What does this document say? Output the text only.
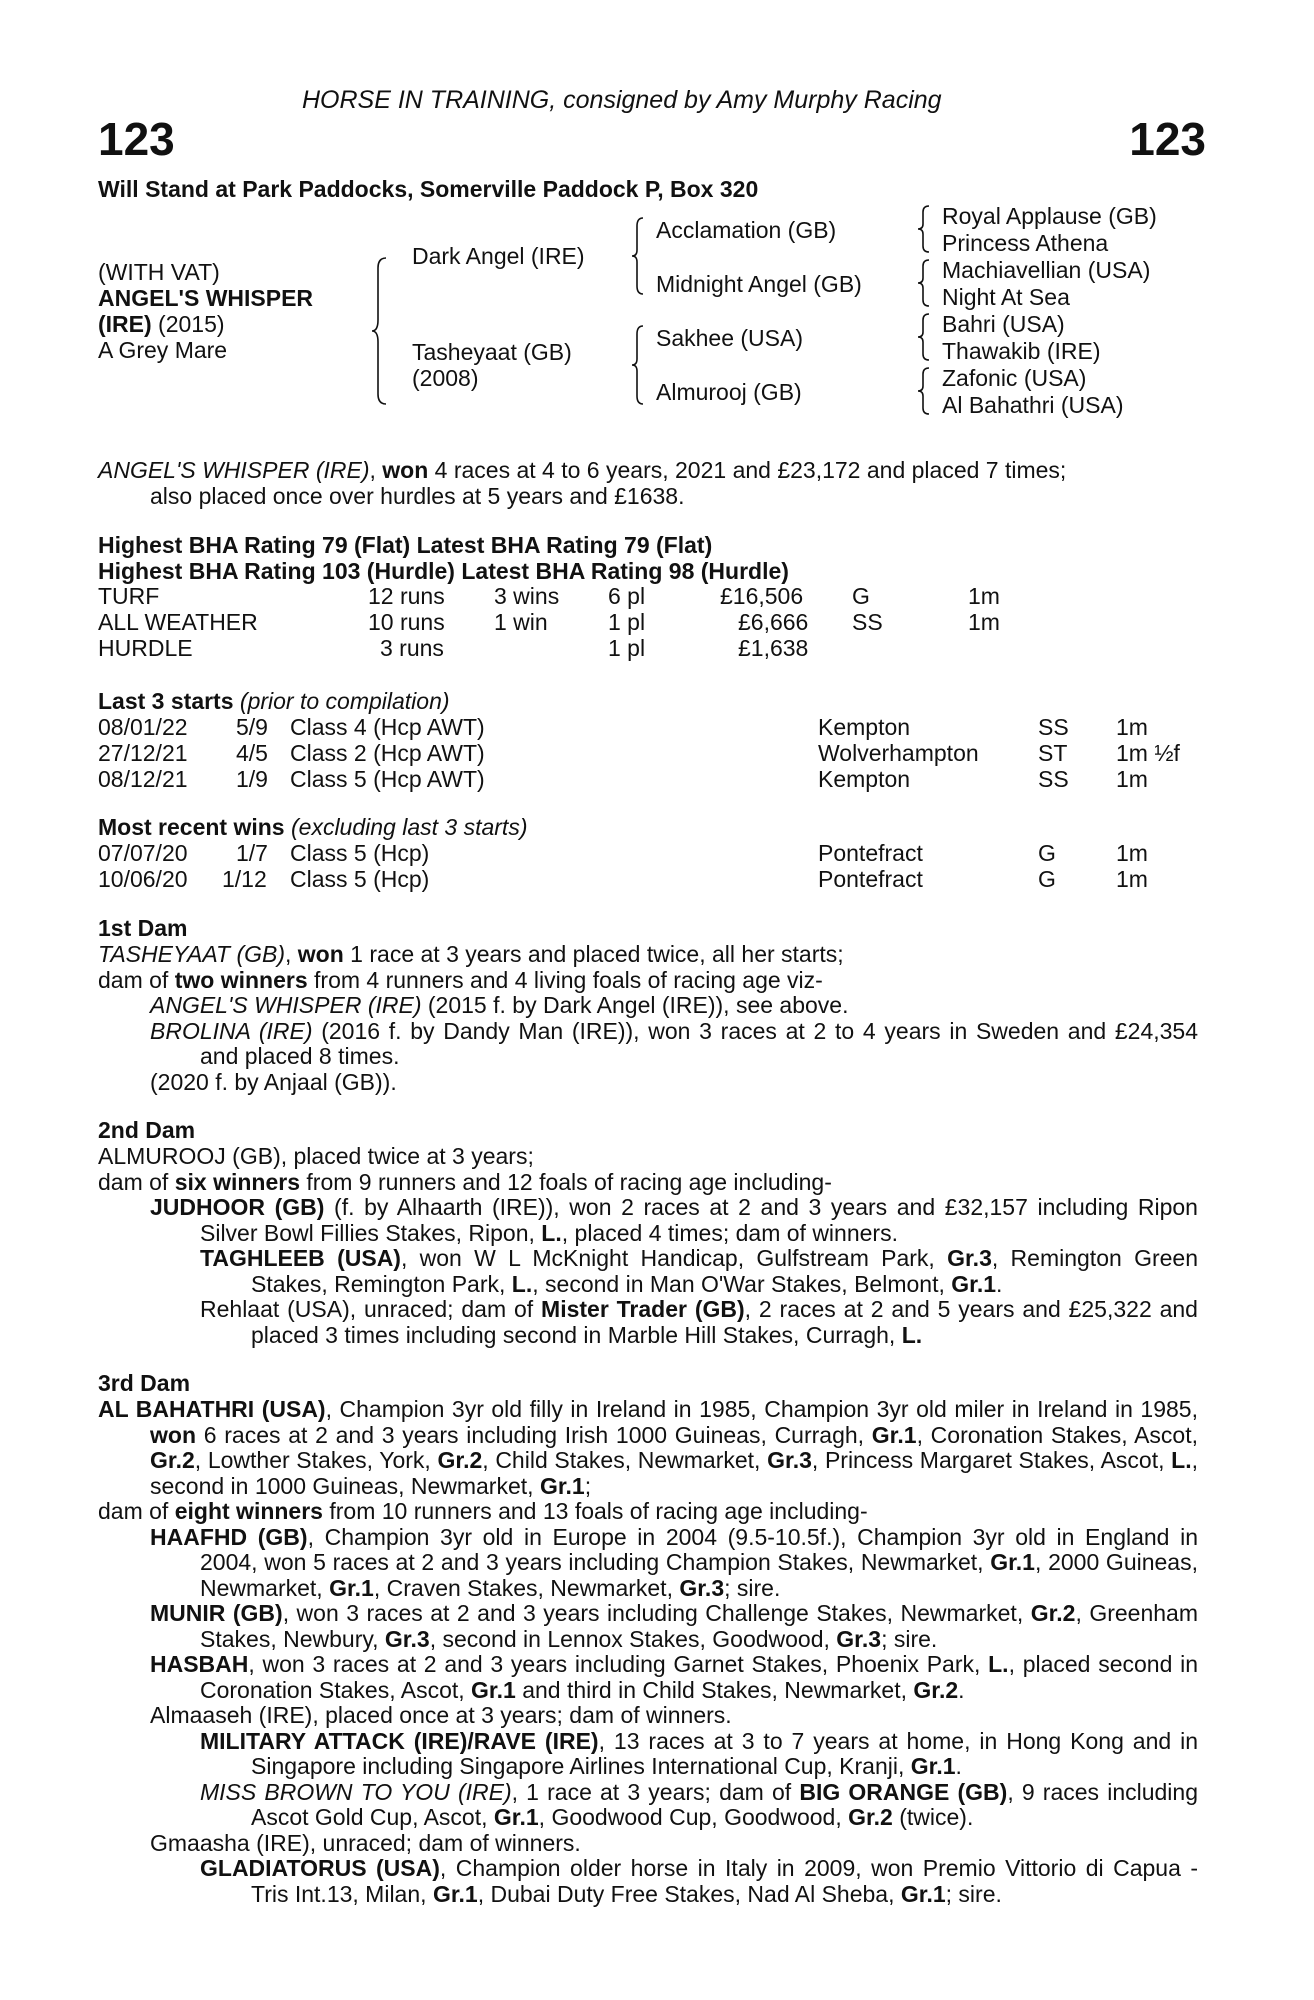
HORSE IN TRAINING, consigned by Amy Murphy Racing
123	123
Will Stand at Park Paddocks, Somerville Paddock P, Box 320
(WITH VAT)
ANGEL'S WHISPER
(IRE) (2015)
A Grey Mare
Dark Angel (IRE)
Tasheyaat (GB)
(2008)
Acclamation (GB)
Midnight Angel (GB)
Sakhee (USA)
Almurooj (GB)
Royal Applause (GB)
Princess Athena
Machiavellian (USA)
Night At Sea
Bahri (USA)
Thawakib (IRE)
Zafonic (USA)
Al Bahathri (USA)
ANGEL'S WHISPER (IRE), won 4 races at 4 to 6 years, 2021 and £23,172 and placed 7 times;
also placed once over hurdles at 5 years and £1638.
Highest BHA Rating 79 (Flat) Latest BHA Rating 79 (Flat)
Highest BHA Rating 103 (Hurdle) Latest BHA Rating 98 (Hurdle)
TURF	12 runs 3 wins 6 pl	£16,506 G	1m
ALL WEATHER	10 runs 1 win	1 pl	£6,666 SS	1m
HURDLE	3 runs	1 pl	£1,638
Last 3 starts (prior to compilation)
08/01/22 5/9 Class 4 (Hcp AWT)	Kempton	SS 1m
27/12/21 4/5 Class 2 (Hcp AWT)	Wolverhampton	ST 1m ½f
08/12/21 1/9 Class 5 (Hcp AWT)	Kempton	SS 1m
Most recent wins (excluding last 3 starts)
07/07/20 1/7 Class 5 (Hcp)	Pontefract	G	1m
10/06/20 1/12 Class 5 (Hcp)	Pontefract	G	1m
1st Dam
TASHEYAAT (GB), won 1 race at 3 years and placed twice, all her starts;
dam of two winners from 4 runners and 4 living foals of racing age viz-
ANGEL'S WHISPER (IRE) (2015 f. by Dark Angel (IRE)), see above.
BROLINA (IRE) (2016 f. by Dandy Man (IRE)), won 3 races at 2 to 4 years in Sweden and £24,354 and placed 8 times.
(2020 f. by Anjaal (GB)).
2nd Dam
ALMUROOJ (GB), placed twice at 3 years;
dam of six winners from 9 runners and 12 foals of racing age including-
JUDHOOR (GB) (f. by Alhaarth (IRE)), won 2 races at 2 and 3 years and £32,157 including Ripon Silver Bowl Fillies Stakes, Ripon, L., placed 4 times; dam of winners.
TAGHLEEB (USA), won W L McKnight Handicap, Gulfstream Park, Gr.3, Remington Green Stakes, Remington Park, L., second in Man O'War Stakes, Belmont, Gr.1.
Rehlaat (USA), unraced; dam of Mister Trader (GB), 2 races at 2 and 5 years and £25,322 and placed 3 times including second in Marble Hill Stakes, Curragh, L.
3rd Dam
AL BAHATHRI (USA), Champion 3yr old filly in Ireland in 1985, Champion 3yr old miler in Ireland in 1985, won 6 races at 2 and 3 years including Irish 1000 Guineas, Curragh, Gr.1, Coronation Stakes, Ascot, Gr.2, Lowther Stakes, York, Gr.2, Child Stakes, Newmarket, Gr.3, Princess Margaret Stakes, Ascot, L., second in 1000 Guineas, Newmarket, Gr.1;
dam of eight winners from 10 runners and 13 foals of racing age including-
HAAFHD (GB), Champion 3yr old in Europe in 2004 (9.5-10.5f.), Champion 3yr old in England in 2004, won 5 races at 2 and 3 years including Champion Stakes, Newmarket, Gr.1, 2000 Guineas, Newmarket, Gr.1, Craven Stakes, Newmarket, Gr.3; sire.
MUNIR (GB), won 3 races at 2 and 3 years including Challenge Stakes, Newmarket, Gr.2, Greenham Stakes, Newbury, Gr.3, second in Lennox Stakes, Goodwood, Gr.3; sire.
HASBAH, won 3 races at 2 and 3 years including Garnet Stakes, Phoenix Park, L., placed second in Coronation Stakes, Ascot, Gr.1 and third in Child Stakes, Newmarket, Gr.2.
Almaaseh (IRE), placed once at 3 years; dam of winners.
MILITARY ATTACK (IRE)/RAVE (IRE), 13 races at 3 to 7 years at home, in Hong Kong and in Singapore including Singapore Airlines International Cup, Kranji, Gr.1.
MISS BROWN TO YOU (IRE), 1 race at 3 years; dam of BIG ORANGE (GB), 9 races including Ascot Gold Cup, Ascot, Gr.1, Goodwood Cup, Goodwood, Gr.2 (twice).
Gmaasha (IRE), unraced; dam of winners.
GLADIATORUS (USA), Champion older horse in Italy in 2009, won Premio Vittorio di Capua - Tris Int.13, Milan, Gr.1, Dubai Duty Free Stakes, Nad Al Sheba, Gr.1; sire.
